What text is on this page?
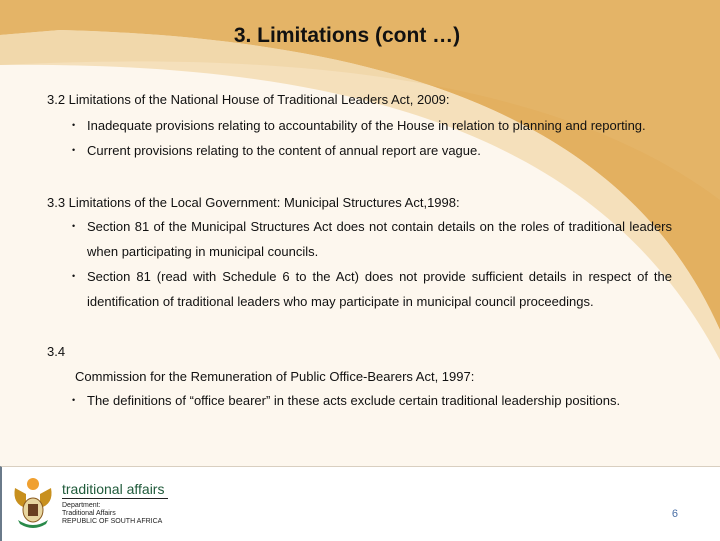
3. Limitations (cont …)
3.2 Limitations of the National House of Traditional Leaders Act, 2009:
• Inadequate provisions relating to accountability of the House in relation to planning and reporting.
• Current provisions relating to the content of annual report are vague.
3.3 Limitations of the Local Government: Municipal Structures Act,1998:
• Section 81 of the Municipal Structures Act does not contain details on the roles of traditional leaders when participating in municipal councils.
• Section 81 (read with Schedule 6 to the Act) does not provide sufficient details in respect of the identification of traditional leaders who may participate in municipal council proceedings.
3.4
Commission for the Remuneration of Public Office-Bearers Act, 1997:
• The definitions of “office bearer” in these acts exclude certain traditional leadership positions.
traditional affairs
Department:
Traditional Affairs
REPUBLIC OF SOUTH AFRICA
6
